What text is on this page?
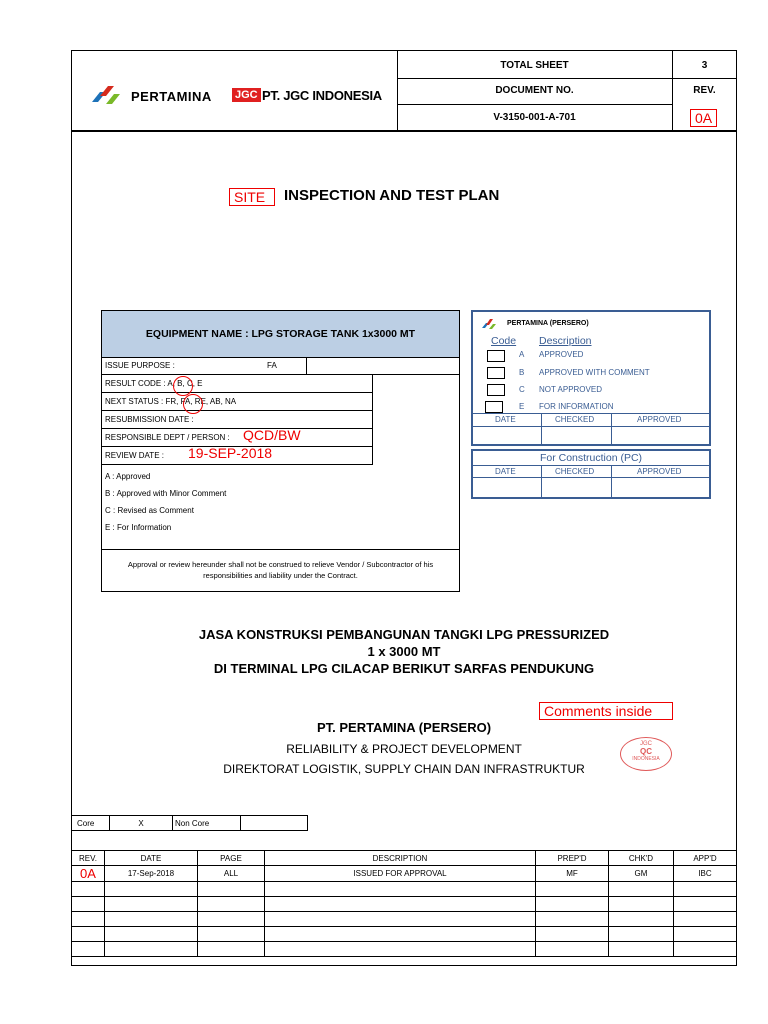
PERTAMINA JGC PT. JGC INDONESIA
TOTAL SHEET	3
DOCUMENT NO.	REV.
V-3150-001-A-701	0A
SITE	INSPECTION AND TEST PLAN
EQUIPMENT NAME : LPG STORAGE TANK 1x3000 MT
ISSUE PURPOSE :	FA
RESULT CODE : A, B, C, E
NEXT STATUS : FR, FA, RE, AB, NA
RESUBMISSION DATE :
RESPONSIBLE DEPT / PERSON : QCD/BW
REVIEW DATE : 19-SEP-2018
A : Approved
B : Approved with Minor Comment
C : Revised as Comment
E : For Information
Approval or review hereunder shall not be construed to relieve Vendor / Subcontractor of his
responsibilities and liability under the Contract.
PERTAMINA (PERSERO)
Code Description
A APPROVED
B APPROVED WITH COMMENT
C NOT APPROVED
E FOR INFORMATION
DATE	CHECKED	APPROVED
For Construction (PC)
DATE	CHECKED	APPROVED
JASA KONSTRUKSI PEMBANGUNAN TANGKI LPG PRESSURIZED
1 x 3000 MT
DI TERMINAL LPG CILACAP BERIKUT SARFAS PENDUKUNG
Comments inside
PT. PERTAMINA (PERSERO)
RELIABILITY & PROJECT DEVELOPMENT
DIREKTORAT LOGISTIK, SUPPLY CHAIN DAN INFRASTRUKTUR
JGC
QC
INDONESIA
Core	X	Non Core	
REV.	DATE	PAGE	DESCRIPTION	PREP'D	CHK'D	APP'D
0A	17-Sep-2018	ALL	ISSUED FOR APPROVAL	MF	GM	IBC
